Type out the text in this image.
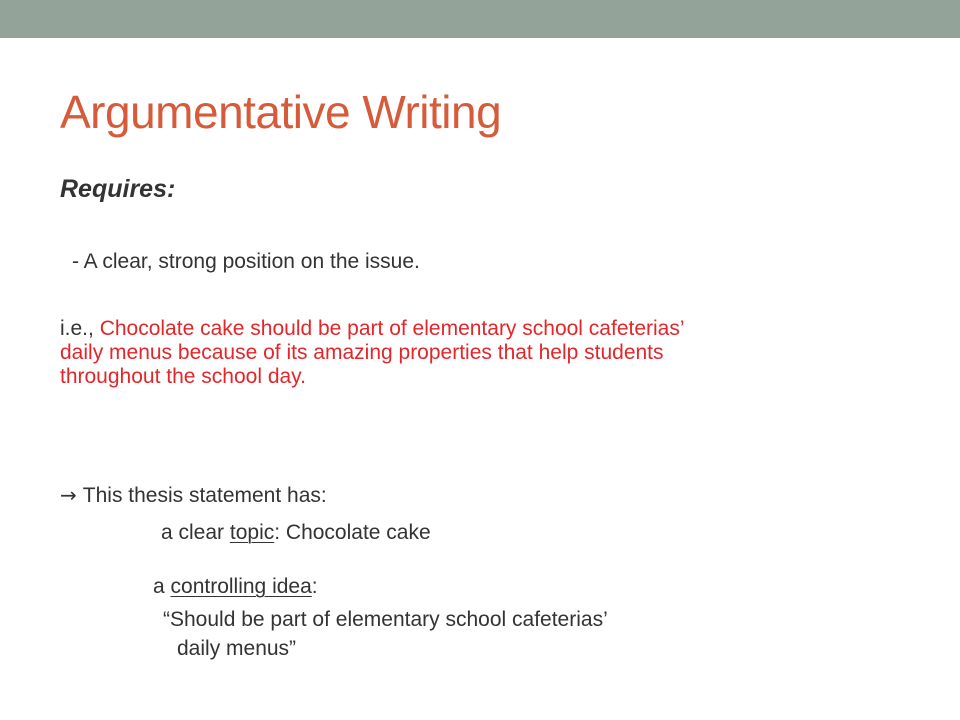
Argumentative Writing
Requires:
- A clear, strong position on the issue.
i.e., Chocolate cake should be part of elementary school cafeterias’
daily menus because of its amazing properties that help students
throughout the school day.
→ This thesis statement has:
a clear topic: Chocolate cake
a controlling idea:
“Should be part of elementary school cafeterias’
daily menus”
